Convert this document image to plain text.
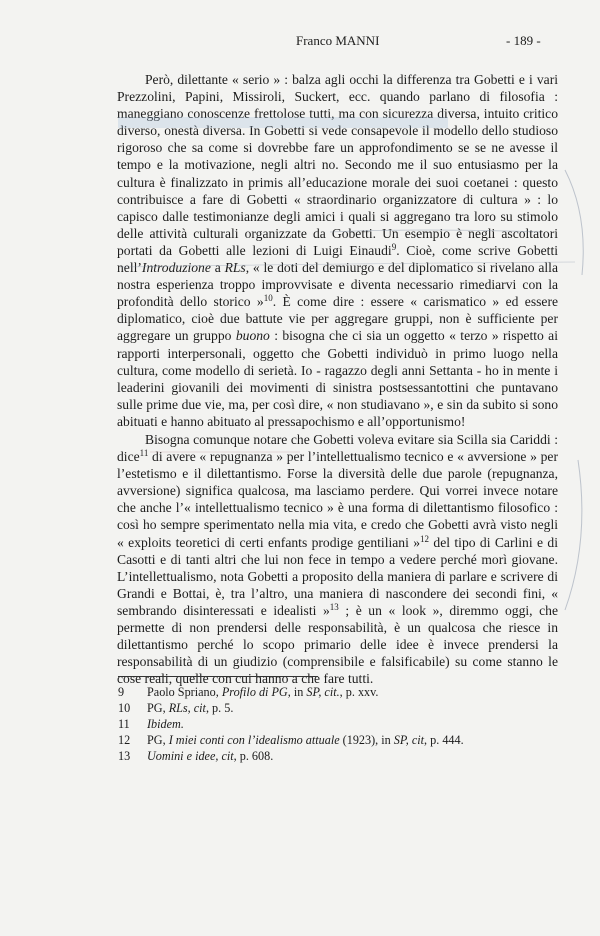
Franco MANNI	- 189 -

Però, dilettante « serio » : balza agli occhi la differenza tra Gobetti e i vari Prezzolini, Papini, Missiroli, Suckert, ecc. quando parlano di filosofia : maneggiano conoscenze frettolose tutti, ma con sicurezza diversa, intuito critico diverso, onestà diversa. In Gobetti si vede consapevole il modello dello studioso rigoroso che sa come si dovrebbe fare un approfondimento se se ne avesse il tempo e la motivazione, negli altri no. Secondo me il suo entusiasmo per la cultura è finalizzato in primis all’educazione morale dei suoi coetanei : questo contribuisce a fare di Gobetti « straordinario organizzatore di cultura » : lo capisco dalle testimonianze degli amici i quali si aggregano tra loro su stimolo delle attività culturali organizzate da Gobetti. Un esempio è negli ascoltatori portati da Gobetti alle lezioni di Luigi Einaudi$^9$. Cioè, come scrive Gobetti nell’Introduzione a RLs, « le doti del demiurgo e del diplomatico si rivelano alla nostra esperienza troppo improvvisate e diventa necessario rimediarvi con la profondità dello storico »$^{10}$. È come dire : essere « carismatico » ed essere diplomatico, cioè due battute vie per aggregare gruppi, non è sufficiente per aggregare un gruppo buono : bisogna che ci sia un oggetto « terzo » rispetto ai rapporti interpersonali, oggetto che Gobetti individuò in primo luogo nella cultura, come modello di serietà. Io - ragazzo degli anni Settanta - ho in mente i leaderini giovanili dei movimenti di sinistra postsessantottini che puntavano sulle prime due vie, ma, per così dire, « non studiavano », e sin da subito si sono abituati e hanno abituato al pressapochismo e all’opportunismo!

Bisogna comunque notare che Gobetti voleva evitare sia Scilla sia Cariddi : dice$^{11}$ di avere « repugnanza » per l’intellettualismo tecnico e « avversione » per l’estetismo e il dilettantismo. Forse la diversità delle due parole (repugnanza, avversione) significa qualcosa, ma lasciamo perdere. Qui vorrei invece notare che anche l’« intellettualismo tecnico » è una forma di dilettantismo filosofico : così ho sempre sperimentato nella mia vita, e credo che Gobetti avrà visto negli « exploits teoretici di certi enfants prodige gentiliani »$^{12}$ del tipo di Carlini e di Casotti e di tanti altri che lui non fece in tempo a vedere perché morì giovane. L’intellettualismo, nota Gobetti a proposito della maniera di parlare e scrivere di Grandi e Bottai, è, tra l’altro, una maniera di nascondere dei secondi fini, « sembrando disinteressati e idealisti »$^{13}$ ; è un « look », diremmo oggi, che permette di non prendersi delle responsabilità, è un qualcosa che riesce in dilettantismo perché lo scopo primario delle idee è invece prendersi la responsabilità di un giudizio (comprensibile e falsificabile) su come stanno le cose reali, quelle con cui hanno a che fare tutti.

9	Paolo Spriano, Profilo di PG, in SP, cit., p. xxv.
10	PG, RLs, cit, p. 5.
11	Ibidem.
12	PG, I miei conti con l’idealismo attuale (1923), in SP, cit, p. 444.
13	Uomini e idee, cit, p. 608.
